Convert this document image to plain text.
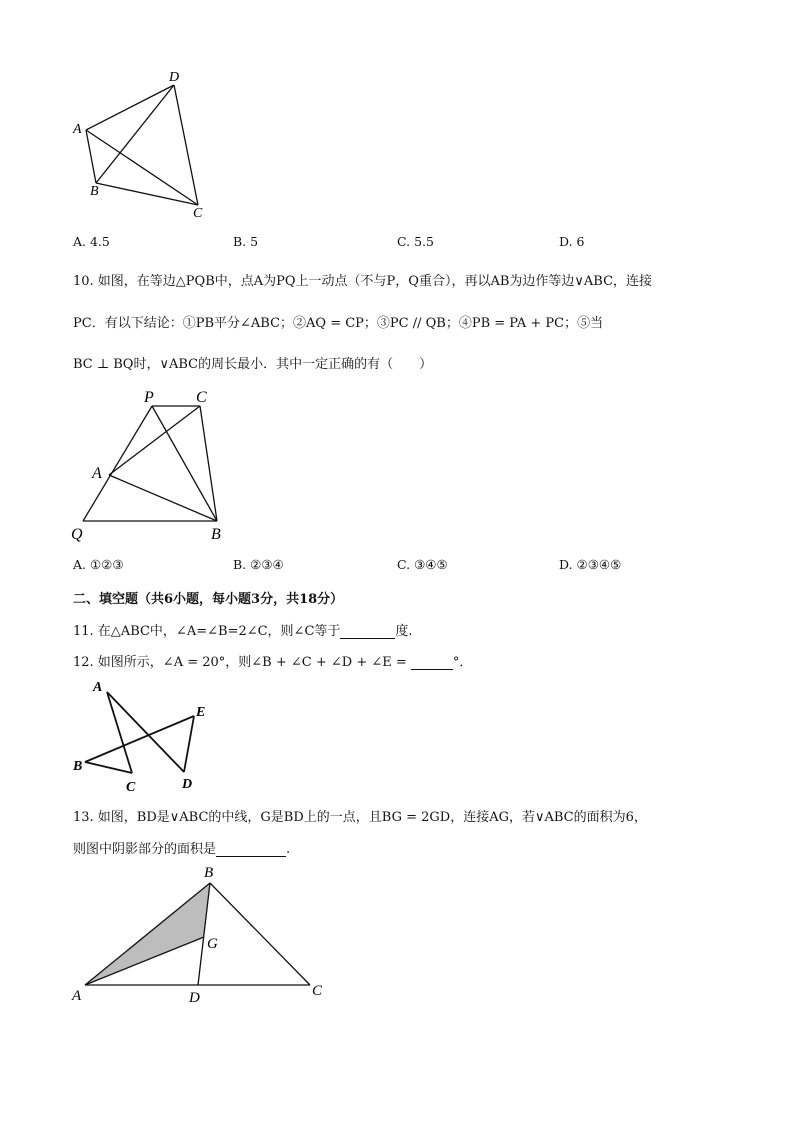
D
A
B
C
A. 4.5	B. 5	C. 5.5	D. 6
10. 如图，在等边△PQB中，点A为PQ上一动点（不与P，Q重合），再以AB为边作等边∨ABC，连接
PC．有以下结论：①PB平分∠ABC；②AQ = CP；③PC // QB；④PB = PA + PC；⑤当
BC ⊥ BQ时，∨ABC的周长最小．其中一定正确的有（　　）
P	C
A
Q	B
A. ①②③	B. ②③④	C. ③④⑤	D. ②③④⑤
二、填空题（共6小题，每小题3分，共18分）
11. 在△ABC中，∠A=∠B=2∠C，则∠C等于	度.
12. 如图所示，∠A = 20°，则∠B + ∠C + ∠D + ∠E =	°．
A
E
B
C	D
13. 如图，BD是∨ABC的中线，G是BD上的一点，且BG = 2GD，连接AG，若∨ABC的面积为6，
则图中阴影部分的面积是	.
B
G
A	D	C
